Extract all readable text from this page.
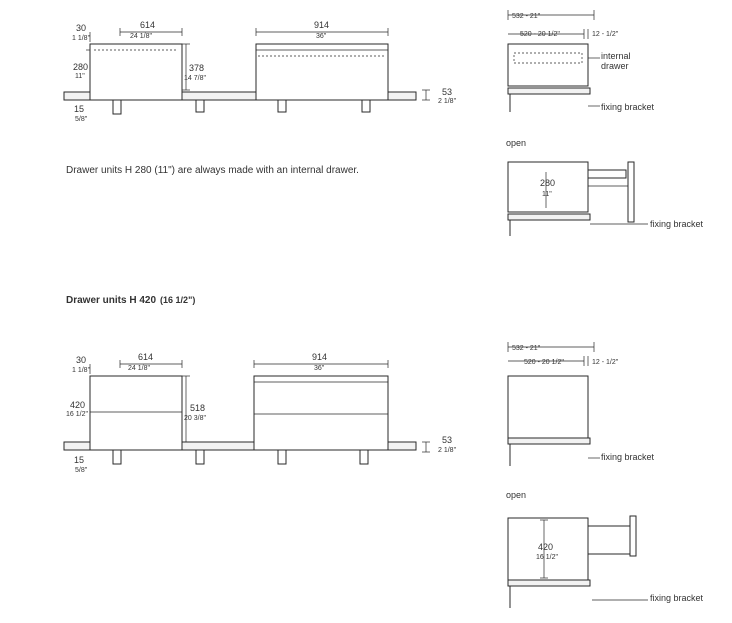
30
1 1/8"
614
24 1/8"
914
36"
280
11"
378
14 7/8"
53
2 1/8"
15
5/8"
532 - 21"
520 - 20 1/2"	12 - 1/2"
internal
drawer
fixing bracket
open
280
11"
fixing bracket
Drawer units H 280 (11") are always made with an internal drawer.
Drawer units H 420 (16 1/2")
30
1 1/8"
614
24 1/8"
914
36"
420
16 1/2"
518
20 3/8"
53
2 1/8"
15
5/8"
532 - 21"
520 - 20 1/2"	12 - 1/2"
fixing bracket
open
420
16 1/2"
fixing bracket
